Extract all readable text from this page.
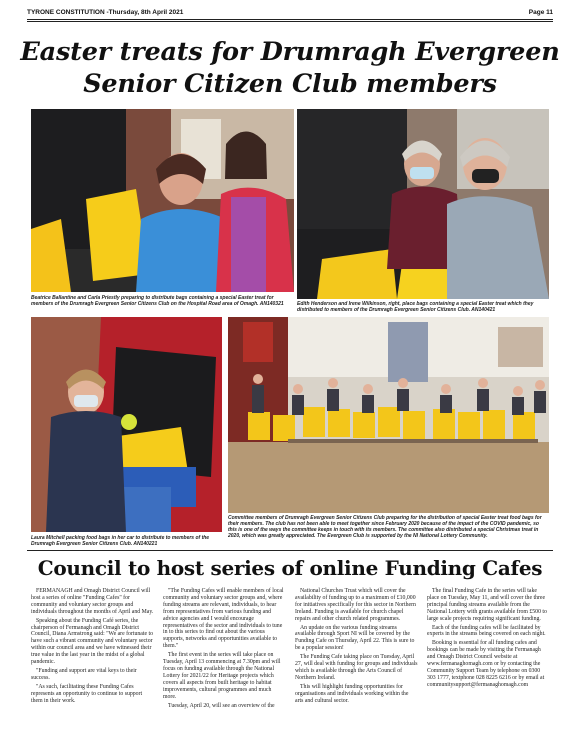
TYRONE CONSTITUTION -Thursday, 8th April 2021	Page 11
Easter treats for Drumragh Evergreen
Senior Citizen Club members
Beatrice Ballantine and Carla Priestly preparing to distribute bags containing a special Easter treat for members of the Drumragh Evergreen Senior Citizens Club on the Hospital Road area of Omagh. AN140321	Edith Henderson and Irene Wilkinson, right, place bags containing a special Easter treat which they distributed to members of the Drumragh Evergreen Senior Citizens Club. AN140421
Laura Mitchell packing food bags in her car to distribute to members of the Drumragh Evergreen Senior Citizens Club. AN140221
Committee members of Drumragh Evergreen Senior Citizens Club preparing for the distribution of special Easter treat food bags for their members. The club has not been able to meet together since February 2020 because of the impact of the COVID pandemic, so this is one of the ways the committee keeps in touch with its members. The committee also distributed a special Christmas treat in 2020, which was greatly appreciated. The Evergreen Club is supported by the NI National Lottery Community.
Council to host series of online Funding Cafes

FERMANAGH and Omagh District Council will host a series of online "Funding Cafes" for community and voluntary sector groups and individuals throughout the months of April and May.

Speaking about the Funding Café series, the chairperson of Fermanagh and Omagh District Council, Diana Armstrong said: "We are fortunate to have such a vibrant community and voluntary sector within our council area and we have witnessed their true value in the last year in the midst of a global pandemic.

"Funding and support are vital keys to their success.

"As such, facilitating these Funding Cafes represents an opportunity to continue to support them in their work.

"The Funding Cafes will enable members of local community and voluntary sector groups and, where funding streams are relevant, individuals, to hear from representatives from various funding and advice agencies and I would encourage representatives of the sector and individuals to tune in to this series to find out about the various supports, networks and opportunities available to them."

The first event in the series will take place on Tuesday, April 13 commencing at 7.30pm and will focus on funding available through the National Lottery for 2021/22 for Heritage projects which covers all aspects from built heritage to habitat improvements, cultural programmes and much more.

Tuesday, April 20, will see an overview of the

National Churches Trust which will cover the availability of funding up to a maximum of £10,000 for initiatives specifically for this sector in Northern Ireland. Funding is available for church chapel repairs and other church related programmes.

An update on the various funding streams available through Sport NI will be covered by the Funding Cafe on Thursday, April 22. This is sure to be a popular session!

The Funding Cafe taking place on Tuesday, April 27, will deal with funding for groups and individuals which is available through the Arts Council of Northern Ireland.

This will highlight funding opportunities for organisations and individuals working within the arts and cultural sector.

The final Funding Cafe in the series will take place on Tuesday, May 11, and will cover the three principal funding streams available from the National Lottery with grants available from £500 to large scale projects requiring significant funding.

Each of the funding cafes will be facilitated by experts in the streams being covered on each night.

Booking is essential for all funding cafes and bookings can be made by visiting the Fermanagh and Omagh District Council website at www.fermanaghomagh.com or by contacting the Community Support Team by telephone on 0300 303 1777, textphone 028 8225 6216 or by email at communitysupport@fermanaghomagh.com
